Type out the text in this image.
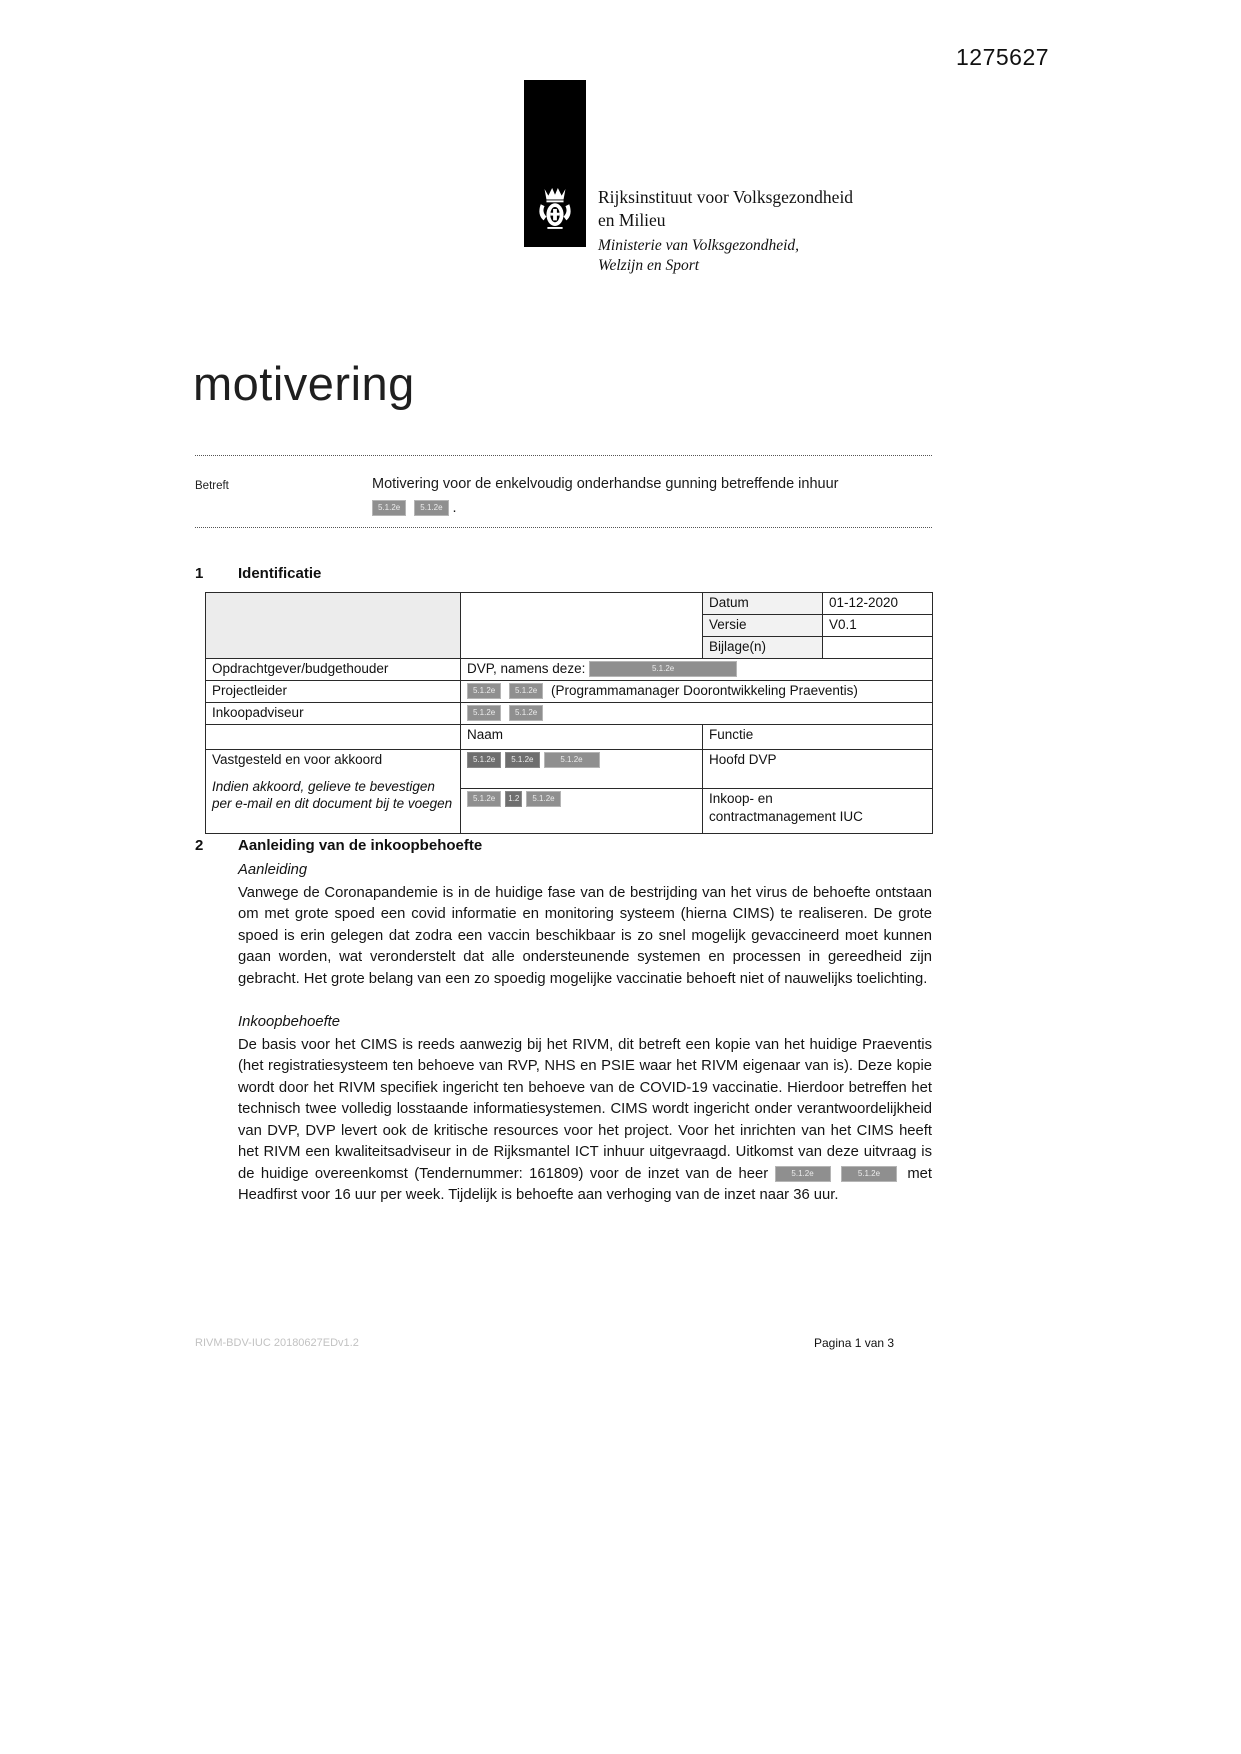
1275627
Rijksinstituut voor Volksgezondheid
en Milieu
Ministerie van Volksgezondheid,
Welzijn en Sport
motivering
Betreft	Motivering voor de enkelvoudig onderhandse gunning betreffende inhuur
5.1.2e	5.1.2e .
1 Identificatie
		Datum	01-12-2020
		Versie	V0.1
		Bijlage(n)	
Opdrachtgever/budgethouder	DVP, namens deze: 5.1.2e		
Projectleider	5.1.2e 5.1.2e (Programmamanager Doorontwikkeling Praeventis)		
Inkoopadviseur	5.1.2e 5.1.2e		
	Naam	Functie	

Vastgesteld en voor akkoord
Indien akkoord, gelieve te bevestigen per e-mail en dit document bij te voegen	5.1.2e 5.1.2e 5.1.2e	Hoofd DVP	
	5.1.2e 1.2 5.1.2e	Inkoop- en contractmanagement IUC	
2 Aanleiding van de inkoopbehoefte
Aanleiding

Vanwege de Coronapandemie is in de huidige fase van de bestrijding van het virus de behoefte ontstaan om met grote spoed een covid informatie en monitoring systeem (hierna CIMS) te realiseren. De grote spoed is erin gelegen dat zodra een vaccin beschikbaar is zo snel mogelijk gevaccineerd moet kunnen gaan worden, wat veronderstelt dat alle ondersteunende systemen en processen in gereedheid zijn gebracht. Het grote belang van een zo spoedig mogelijke vaccinatie behoeft niet of nauwelijks toelichting.

Inkoopbehoefte

De basis voor het CIMS is reeds aanwezig bij het RIVM, dit betreft een kopie van het huidige Praeventis (het registratiesysteem ten behoeve van RVP, NHS en PSIE waar het RIVM eigenaar van is). Deze kopie wordt door het RIVM specifiek ingericht ten behoeve van de COVID-19 vaccinatie. Hierdoor betreffen het technisch twee volledig losstaande informatiesystemen. CIMS wordt ingericht onder verantwoordelijkheid van DVP, DVP levert ook de kritische resources voor het project. Voor het inrichten van het CIMS heeft het RIVM een kwaliteitsadviseur in de Rijksmantel ICT inhuur uitgevraagd. Uitkomst van deze uitvraag is de huidige overeenkomst (Tendernummer: 161809) voor de inzet van de heer	5.1.2e	5.1.2e met Headfirst voor 16 uur per week. Tijdelijk is behoefte aan verhoging van de inzet naar 36 uur.

RIVM-BDV-IUC 20180627EDv1.2	Pagina 1 van 3
